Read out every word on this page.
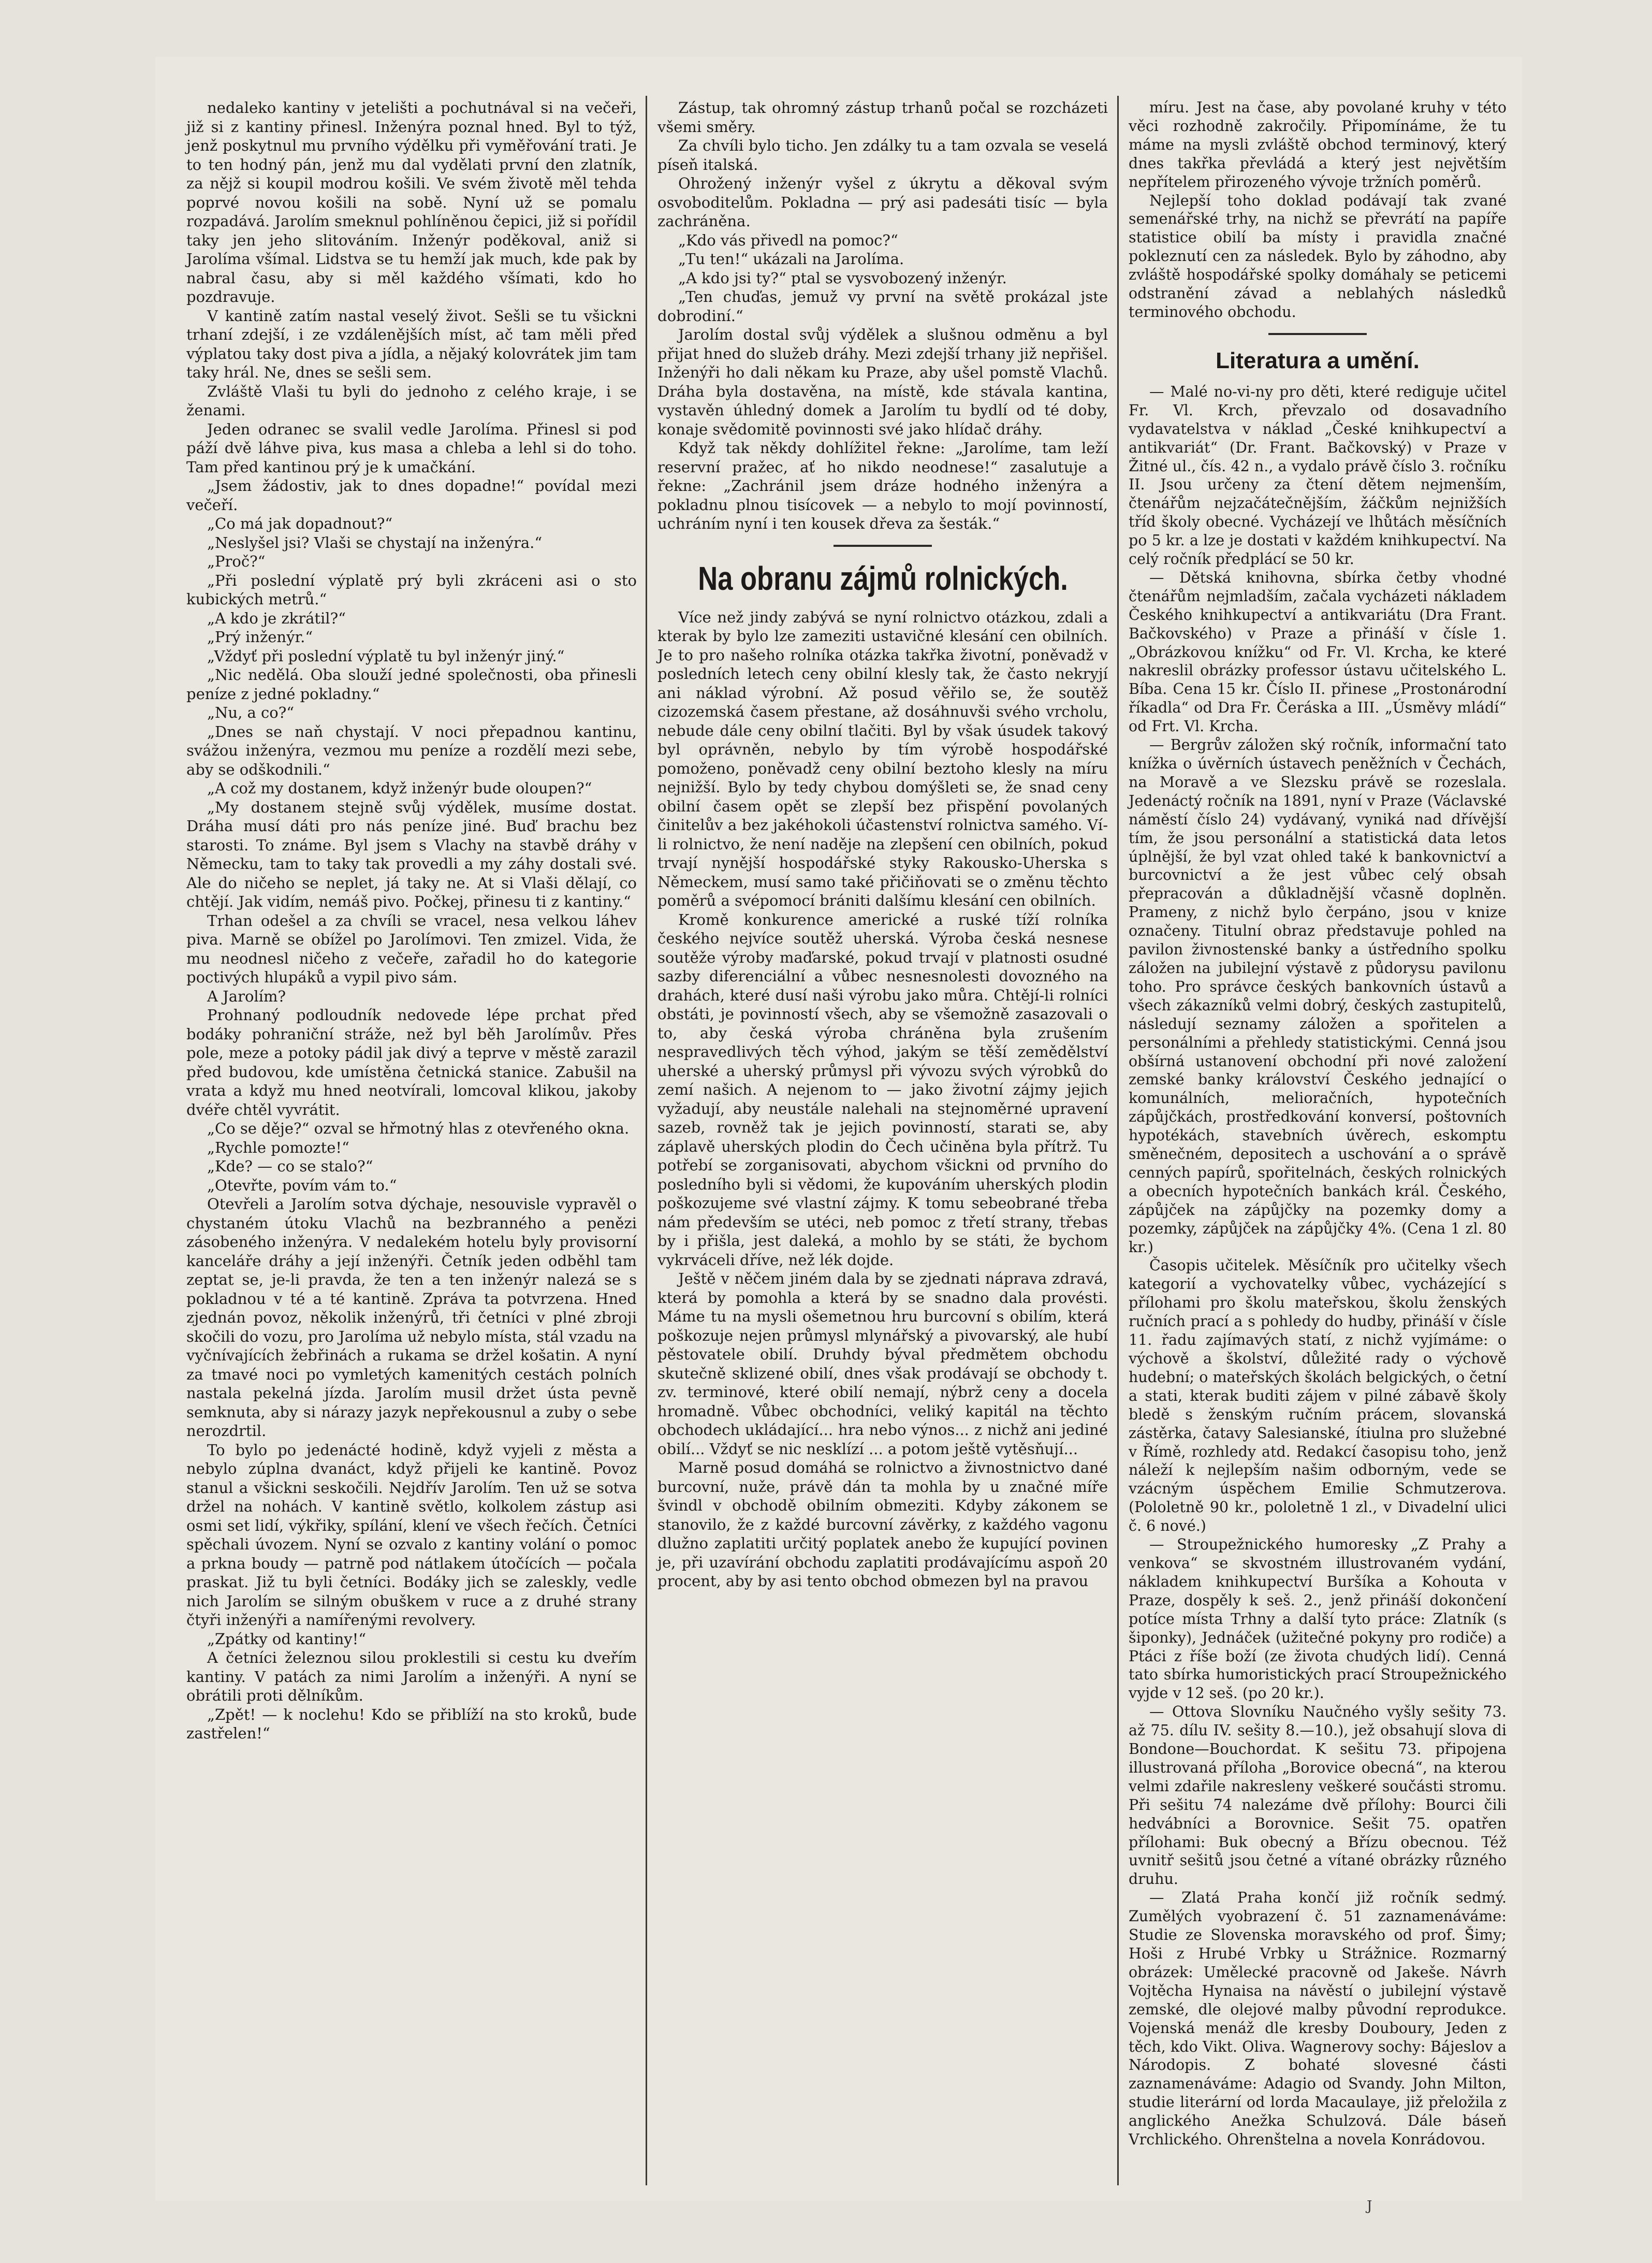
nedaleko kantiny v jetelišti a pochutnával si na večeři, již si z kantiny přinesl. Inženýra poznal hned. Byl to týž, jenž poskytnul mu prvního výdělku při vyměřování trati. Je to ten hodný pán, jenž mu dal vydělati první den zlatník, za nějž si koupil modrou košili. Ve svém životě měl tehda poprvé novou košili na sobě. Nyní už se pomalu rozpadává. Jarolím smeknul pohlíněnou čepici, již si pořídil taky jen jeho slitováním. Inženýr poděkoval, aniž si Jarolíma všímal. Lidstva se tu hemží jak much, kde pak by nabral času, aby si měl každého všímati, kdo ho pozdravuje.

V kantině zatím nastal veselý život. Sešli se tu všickni trhaní zdejší, i ze vzdálenějších míst, ač tam měli před výplatou taky dost piva a jídla, a nějaký kolovrátek jim tam taky hrál. Ne, dnes se sešli sem.

Zvláště Vlaši tu byli do jednoho z celého kraje, i se ženami.

Jeden odranec se svalil vedle Jarolíma. Přinesl si pod páží dvě láhve piva, kus masa a chleba a lehl si do toho. Tam před kantinou prý je k umačkání.

„Jsem žádostiv, jak to dnes dopadne!“ povídal mezi večeří.

„Co má jak dopadnout?“

„Neslyšel jsi? Vlaši se chystají na inženýra.“

„Proč?“

„Při poslední výplatě prý byli zkráceni asi o sto kubických metrů.“

„A kdo je zkrátil?“

„Prý inženýr.“

„Vždyť při poslední výplatě tu byl inženýr jiný.“

„Nic nedělá. Oba slouží jedné společnosti, oba přinesli peníze z jedné pokladny.“

„Nu, a co?“

„Dnes se naň chystají. V noci přepadnou kantinu, svážou inženýra, vezmou mu peníze a rozdělí mezi sebe, aby se odškodnili.“

„A což my dostanem, když inženýr bude oloupen?“

„My dostanem stejně svůj výdělek, musíme dostat. Dráha musí dáti pro nás peníze jiné. Buď brachu bez starosti. To známe. Byl jsem s Vlachy na stavbě dráhy v Německu, tam to taky tak provedli a my záhy dostali své. Ale do ničeho se neplet, já taky ne. At si Vlaši dělají, co chtějí. Jak vidím, nemáš pivo. Počkej, přinesu ti z kantiny.“

Trhan odešel a za chvíli se vracel, nesa velkou láhev piva. Marně se obížel po Jarolímovi. Ten zmizel. Vida, že mu neodnesl ničeho z večeře, zařadil ho do kategorie poctivých hlupáků a vypil pivo sám.

A Jarolím?

Prohnaný podloudník nedovede lépe prchat před bodáky pohraniční stráže, než byl běh Jarolímův. Přes pole, meze a potoky pádil jak divý a teprve v městě zarazil před budovou, kde umístěna četnická stanice. Zabušil na vrata a když mu hned neotvírali, lomcoval klikou, jakoby dvéře chtěl vyvrátit.

„Co se děje?“ ozval se hřmotný hlas z otevřeného okna.

„Rychle pomozte!“

„Kde? — co se stalo?“

„Otevřte, povím vám to.“

Otevřeli a Jarolím sotva dýchaje, nesouvisle vypravěl o chystaném útoku Vlachů na bezbranného a penězi zásobeného inženýra. V nedalekém hotelu byly provisorní kanceláře dráhy a její inženýři. Četník jeden odběhl tam zeptat se, je-li pravda, že ten a ten inženýr nalezá se s pokladnou v té a té kantině. Zpráva ta potvrzena. Hned zjednán povoz, několik inženýrů, tři četníci v plné zbroji skočili do vozu, pro Jarolíma už nebylo místa, stál vzadu na vyčnívajících žebřinách a rukama se držel košatin. A nyní za tmavé noci po vymletých kamenitých cestách polních nastala pekelná jízda. Jarolím musil držet ústa pevně semknuta, aby si nárazy jazyk nepřekousnul a zuby o sebe nerozdrtil.

To bylo po jedenácté hodině, když vyjeli z města a nebylo zúplna dvanáct, když přijeli ke kantině. Povoz stanul a všickni seskočili. Nejdřív Jarolím. Ten už se sotva držel na nohách. V kantině světlo, kolkolem zástup asi osmi set lidí, výkřiky, spílání, klení ve všech řečích. Četníci spěchali úvozem. Nyní se ozvalo z kantiny volání o pomoc a prkna boudy — patrně pod nátlakem útočících — počala praskat. Již tu byli četníci. Bodáky jich se zaleskly, vedle nich Jarolím se silným obuškem v ruce a z druhé strany čtyři inženýři a namířenými revolvery.

„Zpátky od kantiny!“

A četníci železnou silou proklestili si cestu ku dveřím kantiny. V patách za nimi Jarolím a inženýři. A nyní se obrátili proti dělníkům.

„Zpět! — k noclehu! Kdo se přiblíží na sto kroků, bude zastřelen!“

Zástup, tak ohromný zástup trhanů počal se rozcházeti všemi směry.

Za chvíli bylo ticho. Jen zdálky tu a tam ozvala se veselá píseň italská.

Ohrožený inženýr vyšel z úkrytu a děkoval svým osvoboditelům. Pokladna — prý asi padesáti tisíc — byla zachráněna.

„Kdo vás přivedl na pomoc?“

„Tu ten!“ ukázali na Jarolíma.

„A kdo jsi ty?“ ptal se vysvobozený inženýr.

„Ten chuďas, jemuž vy první na světě prokázal jste dobrodiní.“

Jarolím dostal svůj výdělek a slušnou odměnu a byl přijat hned do služeb dráhy. Mezi zdejší trhany již nepřišel. Inženýři ho dali někam ku Praze, aby ušel pomstě Vlachů. Dráha byla dostavěna, na místě, kde stávala kantina, vystavěn úhledný domek a Jarolím tu bydlí od té doby, konaje svědomitě povinnosti své jako hlídač dráhy.

Když tak někdy dohlížitel řekne: „Jarolíme, tam leží reservní pražec, ať ho nikdo neodnese!“ zasalutuje a řekne: „Zachránil jsem dráze hodného inženýra a pokladnu plnou tisícovek — a nebylo to mojí povinností, uchráním nyní i ten kousek dřeva za šesták.“

Na obranu zájmů rolnických.

Více než jindy zabývá se nyní rolnictvo otázkou, zdali a kterak by bylo lze zameziti ustavičné klesání cen obilních. Je to pro našeho rolníka otázka takřka životní, poněvadž v posledních letech ceny obilní klesly tak, že často nekryjí ani náklad výrobní. Až posud věřilo se, že soutěž cizozemská časem přestane, až dosáhnuvši svého vrcholu, nebude dále ceny obilní tlačiti. Byl by však úsudek takový byl oprávněn, nebylo by tím výrobě hospodářské pomoženo, poněvadž ceny obilní beztoho klesly na míru nejnižší. Bylo by tedy chybou domýšleti se, že snad ceny obilní časem opět se zlepší bez přispění povolaných činitelův a bez jakéhokoli účastenství rolnictva samého. Ví-li rolnictvo, že není naděje na zlepšení cen obilních, pokud trvají nynější hospodářské styky Rakousko-Uherska s Německem, musí samo také přičiňovati se o změnu těchto poměrů a svépomocí brániti dalšímu klesání cen obilních.

Kromě konkurence americké a ruské tíží rolníka českého nejvíce soutěž uherská. Výroba česká nesnese soutěže výroby maďarské, pokud trvají v platnosti osudné sazby diferenciální a vůbec nesnesnolesti dovozného na drahách, které dusí naši výrobu jako můra. Chtějí-li rolníci obstáti, je povinností všech, aby se všemožně zasazovali o to, aby česká výroba chráněna byla zrušením nespravedlivých těch výhod, jakým se těší zemědělství uherské a uherský průmysl při vývozu svých výrobků do zemí našich. A nejenom to — jako životní zájmy jejich vyžadují, aby neustále nalehali na stejnoměrné upravení sazeb, rovněž tak je jejich povinností, starati se, aby záplavě uherských plodin do Čech učiněna byla přítrž. Tu potřebí se zorganisovati, abychom všickni od prvního do posledního byli si vědomi, že kupováním uherských plodin poškozujeme své vlastní zájmy. K tomu sebeobrané třeba nám především se utéci, neb pomoc z třetí strany, třebas by i přišla, jest daleká, a mohlo by se státi, že bychom vykrváceli dříve, než lék dojde.

Ještě v něčem jiném dala by se zjednati náprava zdravá, která by pomohla a která by se snadno dala provésti. Máme tu na mysli ošemetnou hru burcovní s obilím, která poškozuje nejen průmysl mlynářský a pivovarský, ale hubí pěstovatele obilí. Druhdy býval předmětem obchodu skutečně sklizené obilí, dnes však prodávají se obchody t. zv. terminové, které obilí nemají, nýbrž ceny a docela hromadně. Vůbec obchodníci, veliký kapitál na těchto obchodech ukládající... hra nebo výnos... z nichž ani jediné obilí... Vždyť se nic nesklízí ... a potom ještě vytěsňují...

Marně posud domáhá se rolnictvo a živnostnictvo dané burcovní, nuže, právě dán ta mohla by u značné míře švindl v obchodě obilním obmeziti. Kdyby zákonem se stanovilo, že z každé burcovní závěrky, z každého vagonu dlužno zaplatiti určitý poplatek anebo že kupující povinen je, při uzavírání obchodu zaplatiti prodávajícímu aspoň 20 procent, aby by asi tento obchod obmezen byl na pravou

míru. Jest na čase, aby povolané kruhy v této věci rozhodně zakročily. Připomínáme, že tu máme na mysli zvláště obchod terminový, který dnes takřka převládá a který jest největším nepřítelem přirozeného vývoje tržních poměrů.

Nejlepší toho doklad podávají tak zvané semenářské trhy, na nichž se převrátí na papíře statistice obilí ba místy i pravidla značné pokleznutí cen za následek. Bylo by záhodno, aby zvláště hospodářské spolky domáhaly se peticemi odstranění závad a neblahých následků terminového obchodu.

Literatura a umění.

— Malé no-vi-ny pro děti, které rediguje učitel Fr. Vl. Krch, převzalo od dosavadního vydavatelstva v náklad „České knihkupectví a antikvariát“ (Dr. Frant. Bačkovský) v Praze v Žitné ul., čís. 42 n., a vydalo právě číslo 3. ročníku II. Jsou určeny za čtení dětem nejmenším, čtenářům nejzačátečnějším, žáčkům nejnižších tříd školy obecné. Vycházejí ve lhůtách měsíčních po 5 kr. a lze je dostati v každém knihkupectví. Na celý ročník předplácí se 50 kr.

— Dětská knihovna, sbírka četby vhodné čtenářům nejmladším, začala vycházeti nákladem Českého knihkupectví a antikvariátu (Dra Frant. Bačkovského) v Praze a přináší v čísle 1. „Obrázkovou knížku“ od Fr. Vl. Krcha, ke které nakreslil obrázky professor ústavu učitelského L. Bíba. Cena 15 kr. Číslo II. přinese „Prostonárodní říkadla“ od Dra Fr. Čeráska a III. „Úsměvy mládí“ od Frt. Vl. Krcha.

— Bergrův záložen ský ročník, informační tato knížka o úvěrních ústavech peněžních v Čechách, na Moravě a ve Slezsku právě se rozeslala. Jedenáctý ročník na 1891, nyní v Praze (Václavské náměstí číslo 24) vydávaný, vyniká nad dřívější tím, že jsou personální a statistická data letos úplnější, že byl vzat ohled také k bankovnictví a burcovnictví a že jest vůbec celý obsah přepracován a důkladnější včasně doplněn. Prameny, z nichž bylo čerpáno, jsou v knize označeny. Titulní obraz představuje pohled na pavilon živnostenské banky a ústředního spolku záložen na jubilejní výstavě z půdorysu pavilonu toho. Pro správce českých bankovních ústavů a všech zákazníků velmi dobrý, českých zastupitelů, následují seznamy záložen a spořitelen a personálními a přehledy statistickými. Cenná jsou obšírná ustanovení obchodní při nové založení zemské banky království Českého jednající o komunálních, melioračních, hypotečních zápůjčkách, prostředkování konversí, poštovních hypotékách, stavebních úvěrech, eskomptu směnečném, depositech a uschování a o správě cenných papírů, spořitelnách, českých rolnických a obecních hypotečních bankách král. Českého, zápůjček na zápůjčky na pozemky domy a pozemky, zápůjček na zápůjčky 4%. (Cena 1 zl. 80 kr.)

Časopis učitelek. Měsíčník pro učitelky všech kategorií a vychovatelky vůbec, vycházející s přílohami pro školu mateřskou, školu ženských ručních prací a s pohledy do hudby, přináší v čísle 11. řadu zajímavých statí, z nichž vyjímáme: o výchově a školství, důležité rady o výchově hudební; o mateřských školách belgických, o četní a stati, kterak buditi zájem v pilné zábavě školy bledě s ženským ručním prácem, slovanská zástěrka, čatavy Salesianské, ítiulna pro služebné v Římě, rozhledy atd. Redakcí časopisu toho, jenž náleží k nejlepším našim odborným, vede se vzácným úspěchem Emilie Schmutzerova. (Pololetně 90 kr., pololetně 1 zl., v Divadelní ulici č. 6 nové.)

— Stroupežnického humoresky „Z Prahy a venkova“ se skvostném illustrovaném vydání, nákladem knihkupectví Buršíka a Kohouta v Praze, dospěly k seš. 2., jenž přináší dokončení potíce místa Trhny a další tyto práce: Zlatník (s šiponky), Jednáček (užitečné pokyny pro rodiče) a Ptáci z říše boží (ze života chudých lidí). Cenná tato sbírka humoristických prací Stroupežnického vyjde v 12 seš. (po 20 kr.).

— Ottova Slovníku Naučného vyšly sešity 73. až 75. dílu IV. sešity 8.—10.), jež obsahují slova di Bondone—Bouchordat. K sešitu 73. připojena illustrovaná příloha „Borovice obecná“, na kterou velmi zdařile nakresleny veškeré součásti stromu. Při sešitu 74 nalezáme dvě přílohy: Bourci čili hedvábníci a Borovnice. Sešit 75. opatřen přílohami: Buk obecný a Břízu obecnou. Též uvnitř sešitů jsou četné a vítané obrázky různého druhu.

— Zlatá Praha končí již ročník sedmý. Zumělých vyobrazení č. 51 zaznamenáváme: Studie ze Slovenska moravského od prof. Šimy; Hoši z Hrubé Vrbky u Strážnice. Rozmarný obrázek: Umělecké pracovně od Jakeše. Návrh Vojtěcha Hynaisa na návěstí o jubilejní výstavě zemské, dle olejové malby původní reprodukce. Vojenská menáž dle kresby Douboury, Jeden z těch, kdo Vikt. Oliva. Wagnerovy sochy: Bájeslov a Národopis. Z bohaté slovesné části zaznamenáváme: Adagio od Svandy. John Milton, studie literární od lorda Macaulaye, již přeložila z anglického Anežka Schulzová. Dále báseň Vrchlického. Ohrenštelna a novela Konrádovou.

J
